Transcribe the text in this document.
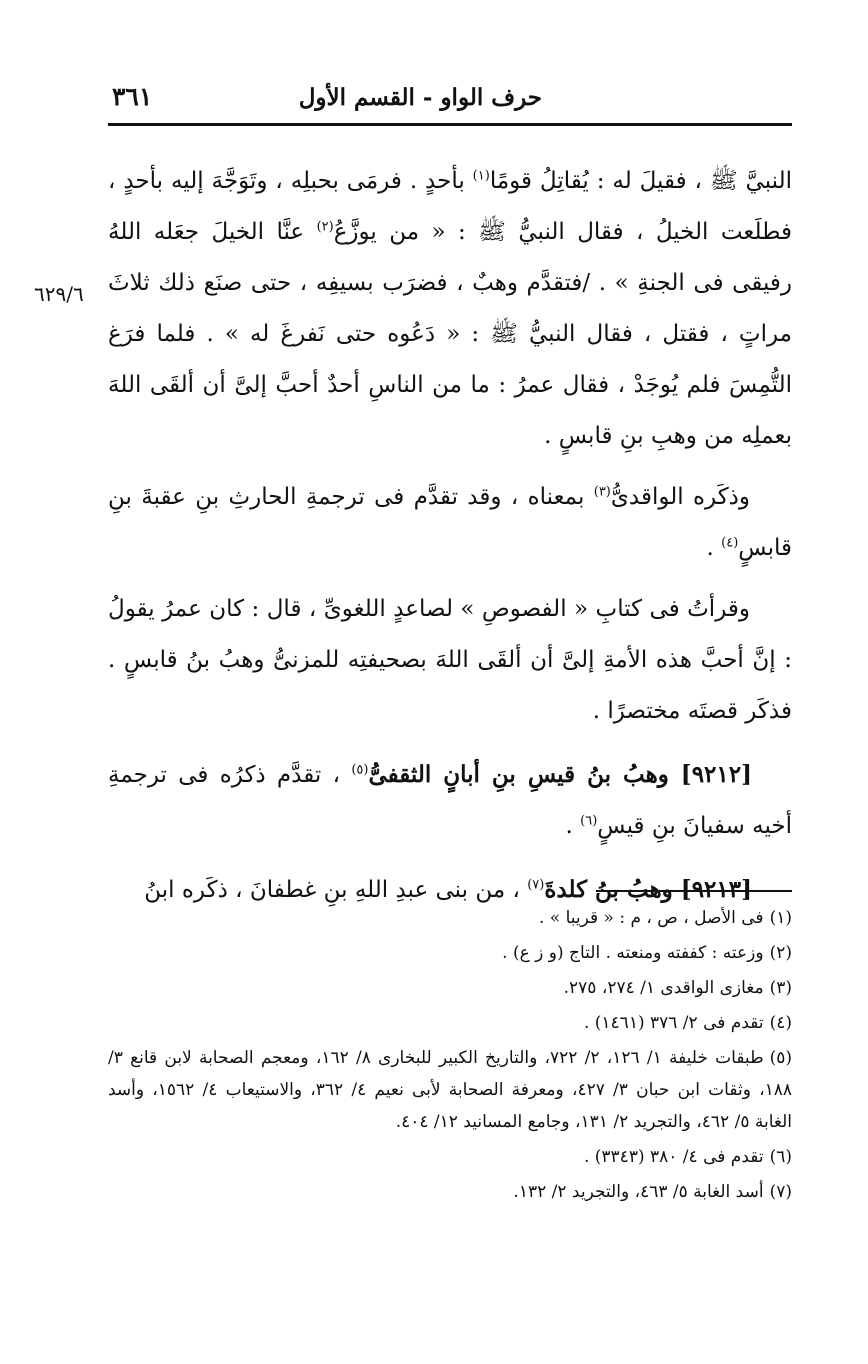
٣٦١	حرف الواو - القسم الأول
٦٢٩/٦

النبيَّ ﷺ ، فقيلَ له : يُقاتِلُ قومًا$^{(١)}$ بأحدٍ . فرمَى بحبلِه ، وتَوَجَّهَ إليه بأحدٍ ، فطلَعت الخيلُ ، فقال النبيُّ ﷺ : « من يوزَّعُ$^{(٢)}$ عنَّا الخيلَ جعَله اللهُ رفيقى فى الجنةِ » . /فتقدَّم وهبٌ ، فضرَب بسيفِه ، حتى صنَع ذلك ثلاثَ مراتٍ ، فقتل ، فقال النبيُّ ﷺ : « دَعُوه حتى نَفرغَ له » . فلما فرَغ التُّمِسَ فلم يُوجَدْ ، فقال عمرُ : ما من الناسِ أحدٌ أحبَّ إلىَّ أن ألقَى اللهَ بعملِه من وهبِ بنِ قابسٍ .

وذكَره الواقدىُّ$^{(٣)}$ بمعناه ، وقد تقدَّم فى ترجمةِ الحارثِ بنِ عقبةَ بنِ قابسٍ$^{(٤)}$ .

وقرأتُ فى كتابِ « الفصوصِ » لصاعدٍ اللغوىِّ ، قال : كان عمرُ يقولُ : إنَّ أحبَّ هذه الأمةِ إلىَّ أن ألقَى اللهَ بصحيفتِه للمزنىُّ وهبُ بنُ قابسٍ . فذكَر قصتَه مختصرًا .

[٩٢١٢] وهبُ بنُ قيسِ بنِ أبانٍ الثقفىُّ$^{(٥)}$ ، تقدَّم ذكرُه فى ترجمةِ أخيه سفيانَ بنِ قيسٍ$^{(٦)}$ .

[٩٢١٣] وهبُ بنُ كلدةَ$^{(٧)}$ ، من بنى عبدِ اللهِ بنِ غطفانَ ، ذكَره ابنُ

(١)فى الأصل ، ص ، م : « قريبا » .

(٢)وزعته : كففته ومنعته . التاج (و ز ع) .

(٣)مغازى الواقدى ١/ ٢٧٤، ٢٧٥.

(٤)تقدم فى ٢/ ٣٧٦ (١٤٦١) .

(٥)طبقات خليفة ١/ ١٢٦، ٢/ ٧٢٢، والتاريخ الكبير للبخارى ٨/ ١٦٢، ومعجم الصحابة لابن قانع ٣/ ١٨٨، وثقات ابن حبان ٣/ ٤٢٧، ومعرفة الصحابة لأبى نعيم ٤/ ٣٦٢، والاستيعاب ٤/ ١٥٦٢، وأسد الغابة ٥/ ٤٦٢، والتجريد ٢/ ١٣١، وجامع المسانيد ١٢/ ٤٠٤.

(٦)تقدم فى ٤/ ٣٨٠ (٣٣٤٣) .

(٧)أسد الغابة ٥/ ٤٦٣، والتجريد ٢/ ١٣٢.
